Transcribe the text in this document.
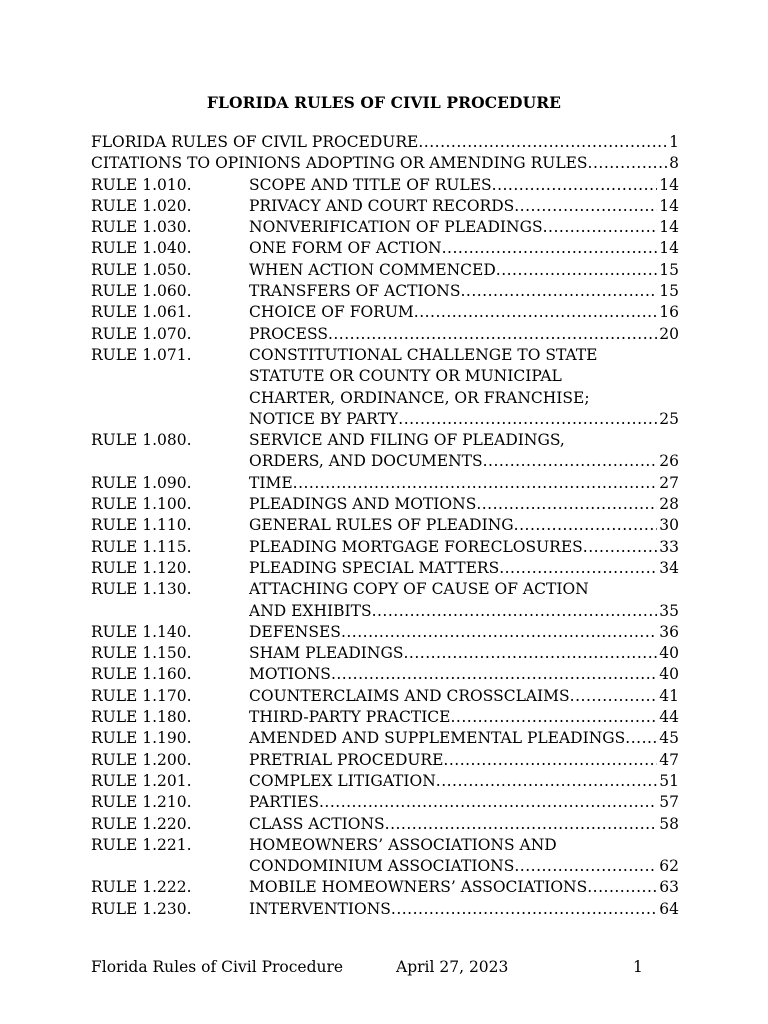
FLORIDA RULES OF CIVIL PROCEDURE
FLORIDA RULES OF CIVIL PROCEDURE .....	1
CITATIONS TO OPINIONS ADOPTING OR AMENDING RULES .....	8
RULE 1.010.	SCOPE AND TITLE OF RULES .....	14
RULE 1.020.	PRIVACY AND COURT RECORDS .....	14
RULE 1.030.	NONVERIFICATION OF PLEADINGS .....	14
RULE 1.040.	ONE FORM OF ACTION .....	14
RULE 1.050.	WHEN ACTION COMMENCED .....	15
RULE 1.060.	TRANSFERS OF ACTIONS .....	15
RULE 1.061.	CHOICE OF FORUM .....	16
RULE 1.070.	PROCESS .....	20
RULE 1.071.	CONSTITUTIONAL CHALLENGE TO STATE
STATUTE OR COUNTY OR MUNICIPAL
CHARTER, ORDINANCE, OR FRANCHISE;
NOTICE BY PARTY .....	25
RULE 1.080.	SERVICE AND FILING OF PLEADINGS,
ORDERS, AND DOCUMENTS .....	26
RULE 1.090.	TIME .....	27
RULE 1.100.	PLEADINGS AND MOTIONS .....	28
RULE 1.110.	GENERAL RULES OF PLEADING .....	30
RULE 1.115.	PLEADING MORTGAGE FORECLOSURES .....	33
RULE 1.120.	PLEADING SPECIAL MATTERS .....	34
RULE 1.130.	ATTACHING COPY OF CAUSE OF ACTION
AND EXHIBITS .....	35
RULE 1.140.	DEFENSES .....	36
RULE 1.150.	SHAM PLEADINGS .....	40
RULE 1.160.	MOTIONS .....	40
RULE 1.170.	COUNTERCLAIMS AND CROSSCLAIMS .....	41
RULE 1.180.	THIRD-PARTY PRACTICE .....	44
RULE 1.190.	AMENDED AND SUPPLEMENTAL PLEADINGS ..... 45
RULE 1.200.	PRETRIAL PROCEDURE .....	47
RULE 1.201.	COMPLEX LITIGATION .....	51
RULE 1.210.	PARTIES .....	57
RULE 1.220.	CLASS ACTIONS .....	58
RULE 1.221.	HOMEOWNERS’ ASSOCIATIONS AND
CONDOMINIUM ASSOCIATIONS .....	62
RULE 1.222.	MOBILE HOMEOWNERS’ ASSOCIATIONS .....	63
RULE 1.230.	INTERVENTIONS .....	64
Florida Rules of Civil Procedure	April 27, 2023	1
